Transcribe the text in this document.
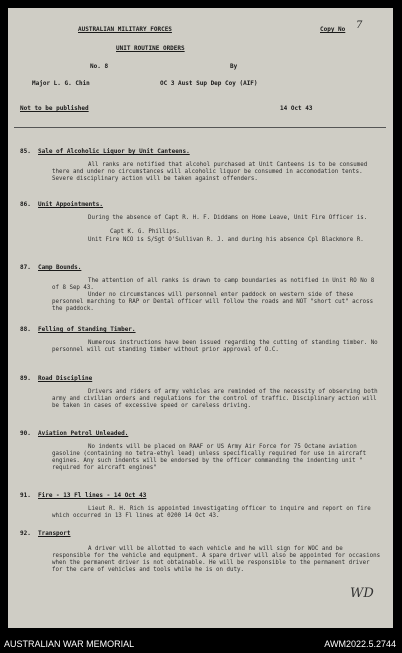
AUSTRALIAN MILITARY FORCES	Copy No 7
UNIT ROUTINE ORDERS
No. 8	By
Major L. G. Chin	OC 3 Aust Sup Dep Coy (AIF)
Not to be published	14 Oct 43
85. Sale of Alcoholic Liquor by Unit Canteens.
All ranks are notified that alcohol purchased at Unit Canteens is to be consumed there and under no circumstances will alcoholic liquor be consumed in accomodation tents. Severe disciplinary action will be taken against offenders.
86. Unit Appointments.
During the absence of Capt R. H. F. Diddams on Home Leave, Unit Fire Officer is.
Capt K. G. Phillips.
Unit Fire NCO is S/Sgt O'Sullivan R. J. and during his absence Cpl Blackmore R.
87. Camp Bounds.
The attention of all ranks is drawn to camp boundaries as notified in Unit RO No 8 of 8 Sep 43.
Under no circumstances will personnel enter paddock on western side of these personnel marching to RAP or Dental officer will follow the roads and NOT "short cut" across the paddock.
88. Felling of Standing Timber.
Numerous instructions have been issued regarding the cutting of standing timber. No personnel will cut standing timber without prior approval of O.C.
89. Road Discipline
Drivers and riders of army vehicles are reminded of the necessity of observing both army and civilian orders and regulations for the control of traffic. Disciplinary action will be taken in cases of excessive speed or careless driving.
90. Aviation Petrol Unleaded.
No indents will be placed on RAAF or US Army Air Force for 75 Octane aviation gasoline (containing no tetra-ethyl lead) unless specifically required for use in aircraft engines. Any such indents will be endorsed by the officer commanding the indenting unit " required for aircraft engines"
91. Fire - 13 Fl lines - 14 Oct 43
Lieut R. H. Rich is appointed investigating officer to inquire and report on fire which occurred in 13 Fl lines at 0200 14 Oct 43.
92. Transport
A driver will be allotted to each vehicle and he will sign for WOC and be responsible for the vehicle and equipment. A spare driver will also be appointed for occasions when the permanent driver is not obtainable. He will be responsible to the permanent driver for the care of vehicles and tools while he is on duty.
WD
AUSTRALIAN WAR MEMORIAL	AWM2022.5.2744
